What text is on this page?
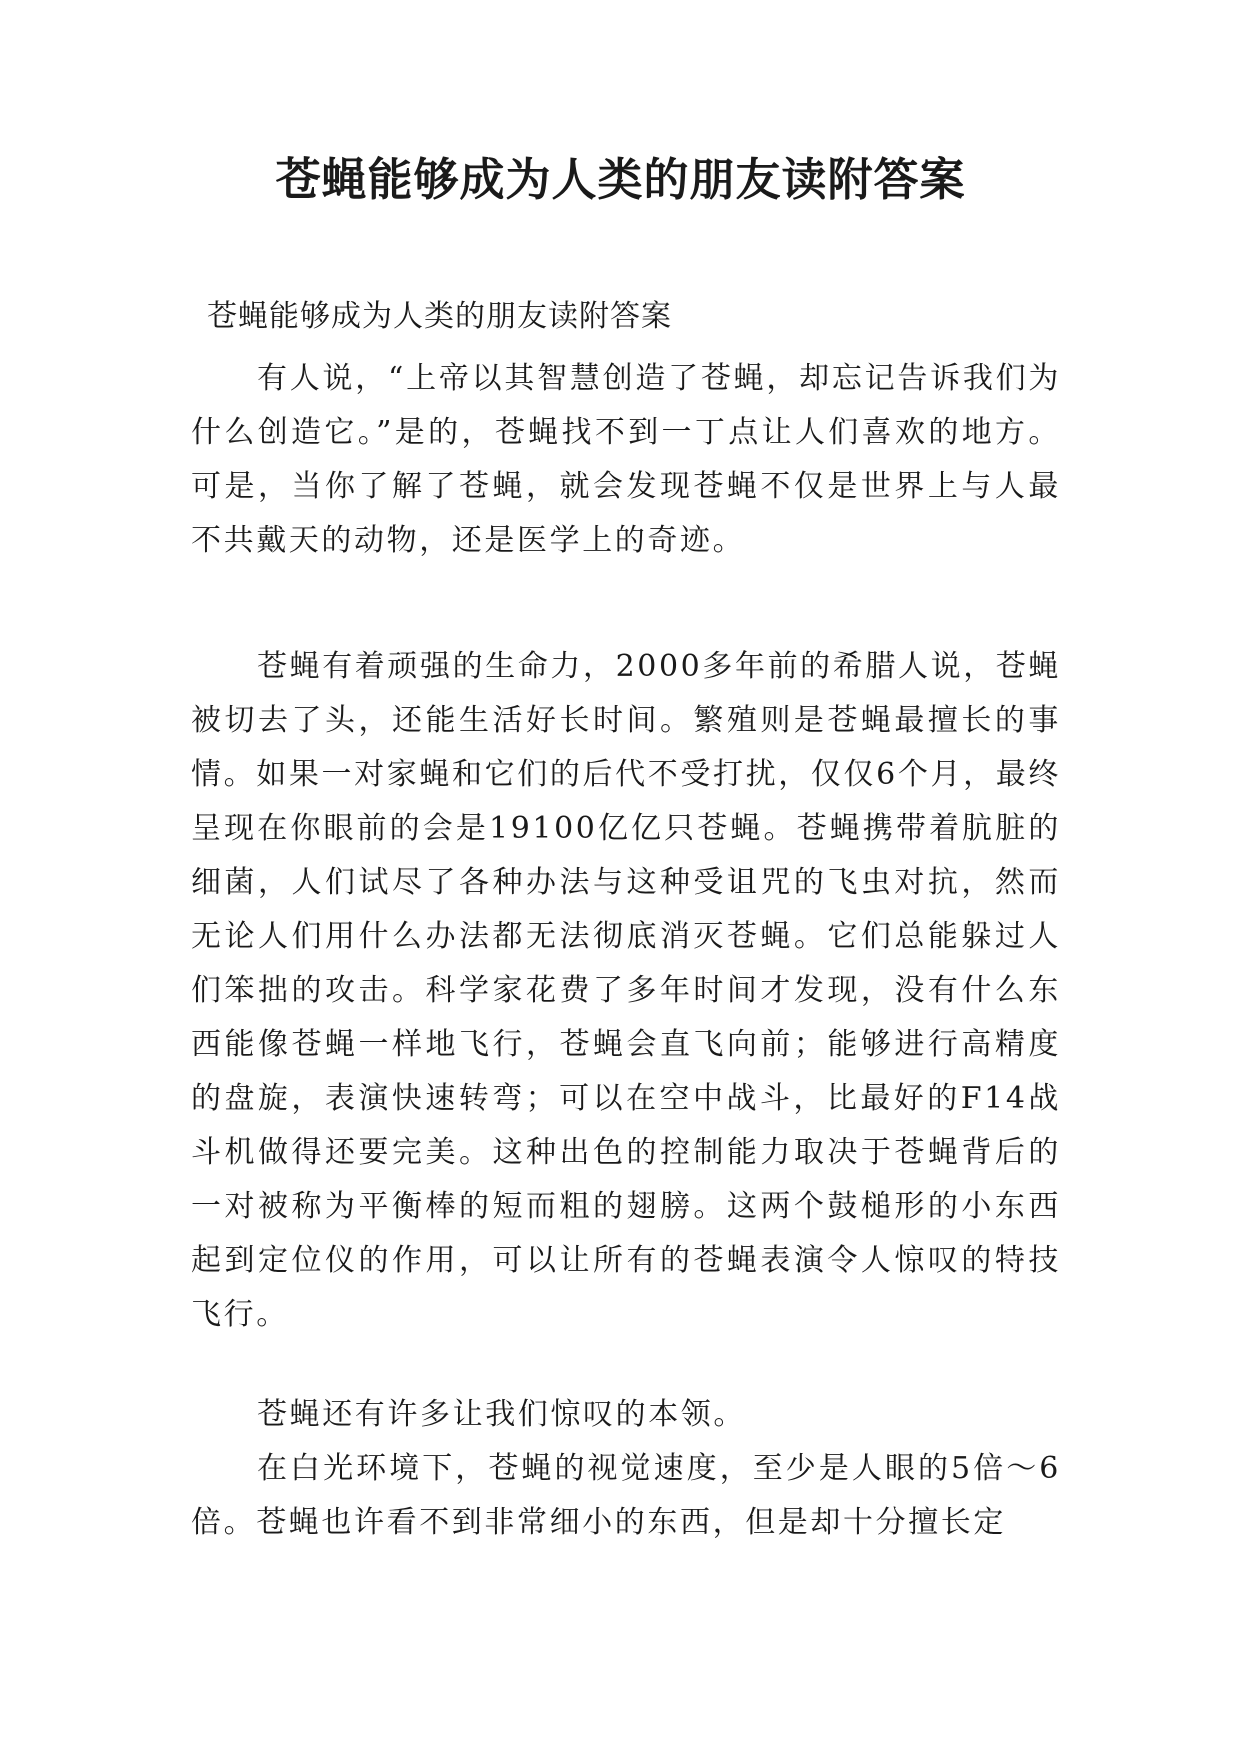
苍蝇能够成为人类的朋友读附答案

苍蝇能够成为人类的朋友读附答案

有人说，“上帝以其智慧创造了苍蝇，却忘记告诉我们为什么创造它。”是的，苍蝇找不到一丁点让人们喜欢的地方。可是，当你了解了苍蝇，就会发现苍蝇不仅是世界上与人最不共戴天的动物，还是医学上的奇迹。

苍蝇有着顽强的生命力，2000多年前的希腊人说，苍蝇被切去了头，还能生活好长时间。繁殖则是苍蝇最擅长的事情。如果一对家蝇和它们的后代不受打扰，仅仅6个月，最终呈现在你眼前的会是19100亿亿只苍蝇。苍蝇携带着肮脏的细菌，人们试尽了各种办法与这种受诅咒的飞虫对抗，然而无论人们用什么办法都无法彻底消灭苍蝇。它们总能躲过人们笨拙的攻击。科学家花费了多年时间才发现，没有什么东西能像苍蝇一样地飞行，苍蝇会直飞向前；能够进行高精度的盘旋，表演快速转弯；可以在空中战斗，比最好的F14战斗机做得还要完美。这种出色的控制能力取决于苍蝇背后的一对被称为平衡棒的短而粗的翅膀。这两个鼓槌形的小东西起到定位仪的作用，可以让所有的苍蝇表演令人惊叹的特技飞行。

苍蝇还有许多让我们惊叹的本领。

在白光环境下，苍蝇的视觉速度，至少是人眼的5倍～6倍。苍蝇也许看不到非常细小的东西，但是却十分擅长定
